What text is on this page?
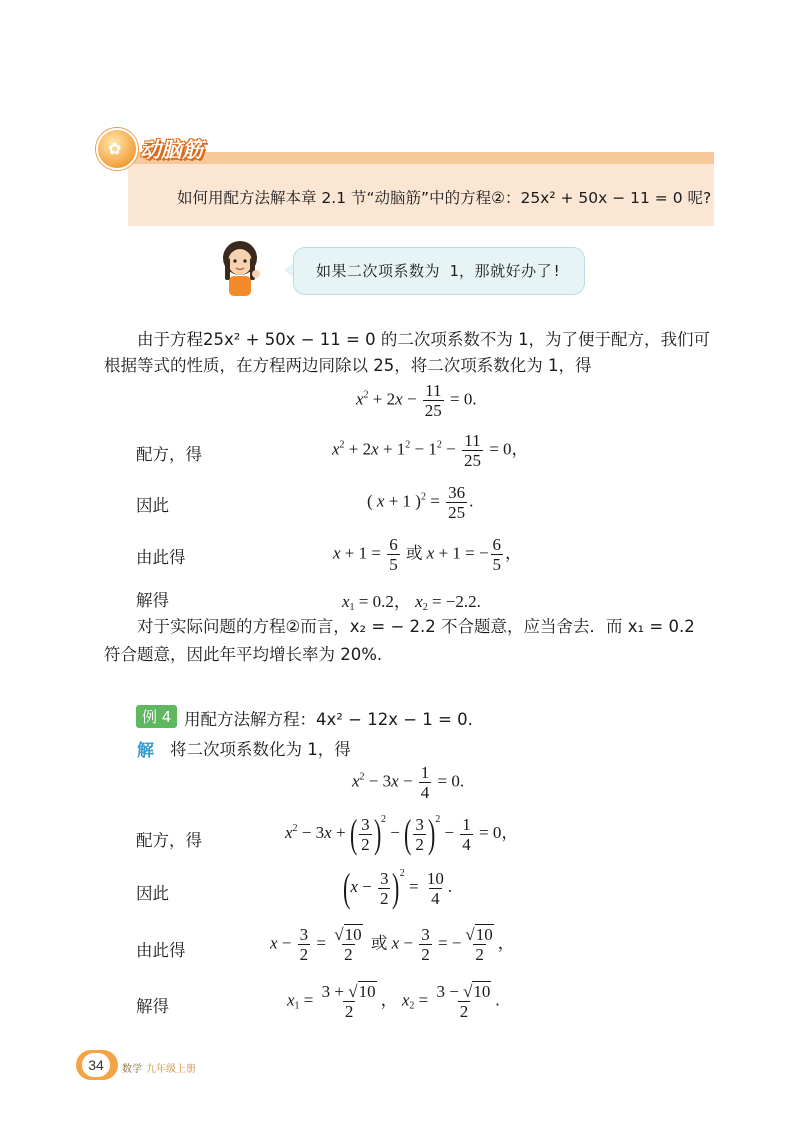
✿ 动脑筋
如何用配方法解本章 2.1 节“动脑筋”中的方程②：25x² + 50x − 11 = 0 呢?
如果二次项系数为 1，那就好办了!
由于方程25x² + 50x − 11 = 0 的二次项系数不为 1，为了便于配方，我们可
根据等式的性质，在方程两边同除以 25，将二次项系数化为 1，得
$x^2 + 2x - \frac{11}{25} = 0$.
配方，得	$x^2 + 2x + 1^2 - 1^2 - \frac{11}{25} = 0$，
因此	( x + 1 )$^2 = \frac{36}{25}$ .
由此得	$x + 1 = \frac{6}{5}$ 或 x + 1 = − $\frac{6}{5}$ ，
解得	$x_1 = 0.2$， $x_2 = -2.2$.
对于实际问题的方程②而言，x₂ = − 2.2 不合题意，应当舍去．而 x₁ = 0.2
符合题意，因此年平均增长率为 20%.
例 4 用配方法解方程：4x² − 12x − 1 = 0.
解 将二次项系数化为 1，得
$x^2 - 3x - \frac{1}{4} = 0$.
配方，得	$x^2 - 3x$ + ( $\frac{3}{2} )^2$ − ( $\frac{3}{2} )^2 - \frac{1}{4} = 0$，
因此	$(x - \frac{3}{2} )^2 = \frac{10}{4}$ .
由此得	$x - \frac{3}{2} = \frac{√10}{2}$ 或 $x - \frac{3}{2}$ = − $\frac{√10}{2}$ ，
解得	$x_1 = \frac{3 + √10}{2}$ ， $x_2 = \frac{3 - √10}{2}$ .
34	数学 九年级上册
